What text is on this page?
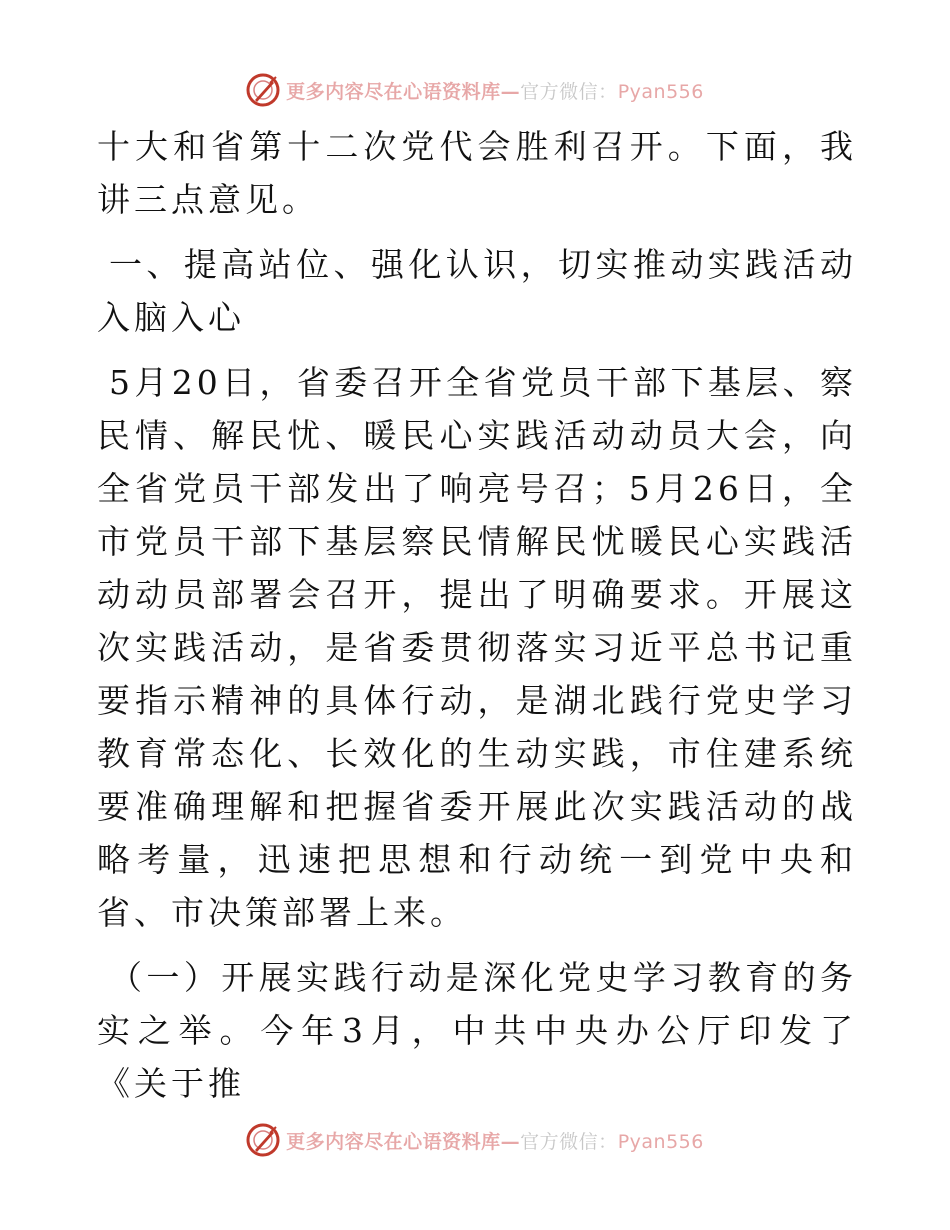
更多内容尽在心语资料库—官方微信：Pyan556

十大和省第十二次党代会胜利召开。下面，我讲三点意见。

一、提高站位、强化认识，切实推动实践活动入脑入心

5月20日，省委召开全省党员干部下基层、察民情、解民忧、暖民心实践活动动员大会，向全省党员干部发出了响亮号召；5月26日，全市党员干部下基层察民情解民忧暖民心实践活动动员部署会召开，提出了明确要求。开展这次实践活动，是省委贯彻落实习近平总书记重要指示精神的具体行动，是湖北践行党史学习教育常态化、长效化的生动实践，市住建系统要准确理解和把握省委开展此次实践活动的战略考量，迅速把思想和行动统一到党中央和省、市决策部署上来。

（一）开展实践行动是深化党史学习教育的务实之举。今年3月，中共中央办公厅印发了《关于推

更多内容尽在心语资料库—官方微信：Pyan556
